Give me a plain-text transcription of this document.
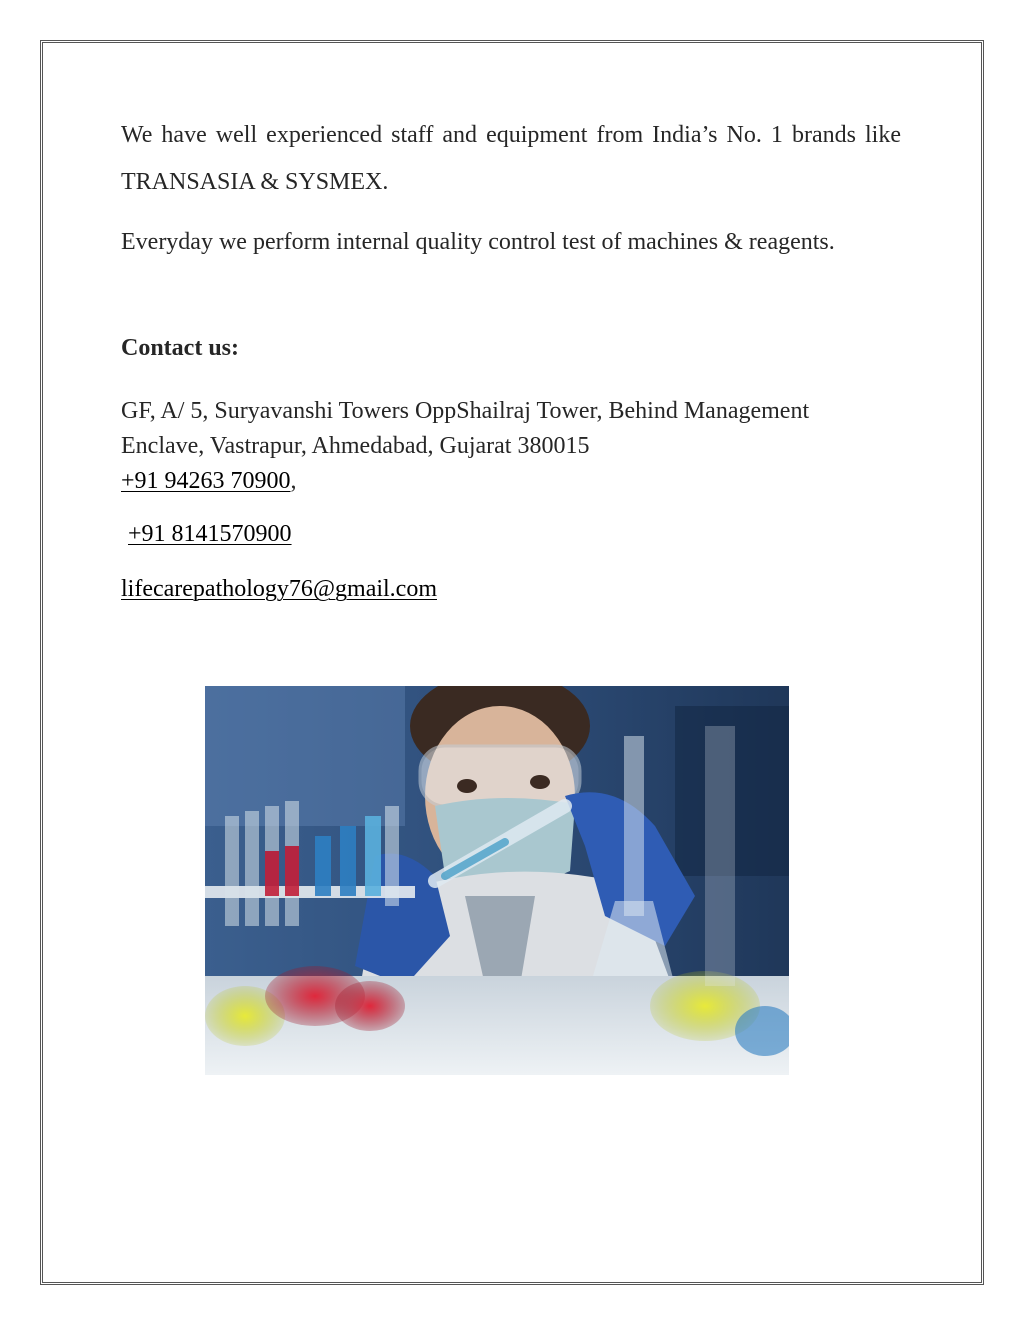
We have well experienced staff and equipment from India’s No. 1 brands like TRANSASIA & SYSMEX.

Everyday we perform internal quality control test of machines & reagents.

Contact us:

GF, A/ 5, Suryavanshi Towers OppShailraj Tower, Behind Management
Enclave, Vastrapur, Ahmedabad, Gujarat 380015
+91 94263 70900,
+91 8141570900
lifecarepathology76@gmail.com
